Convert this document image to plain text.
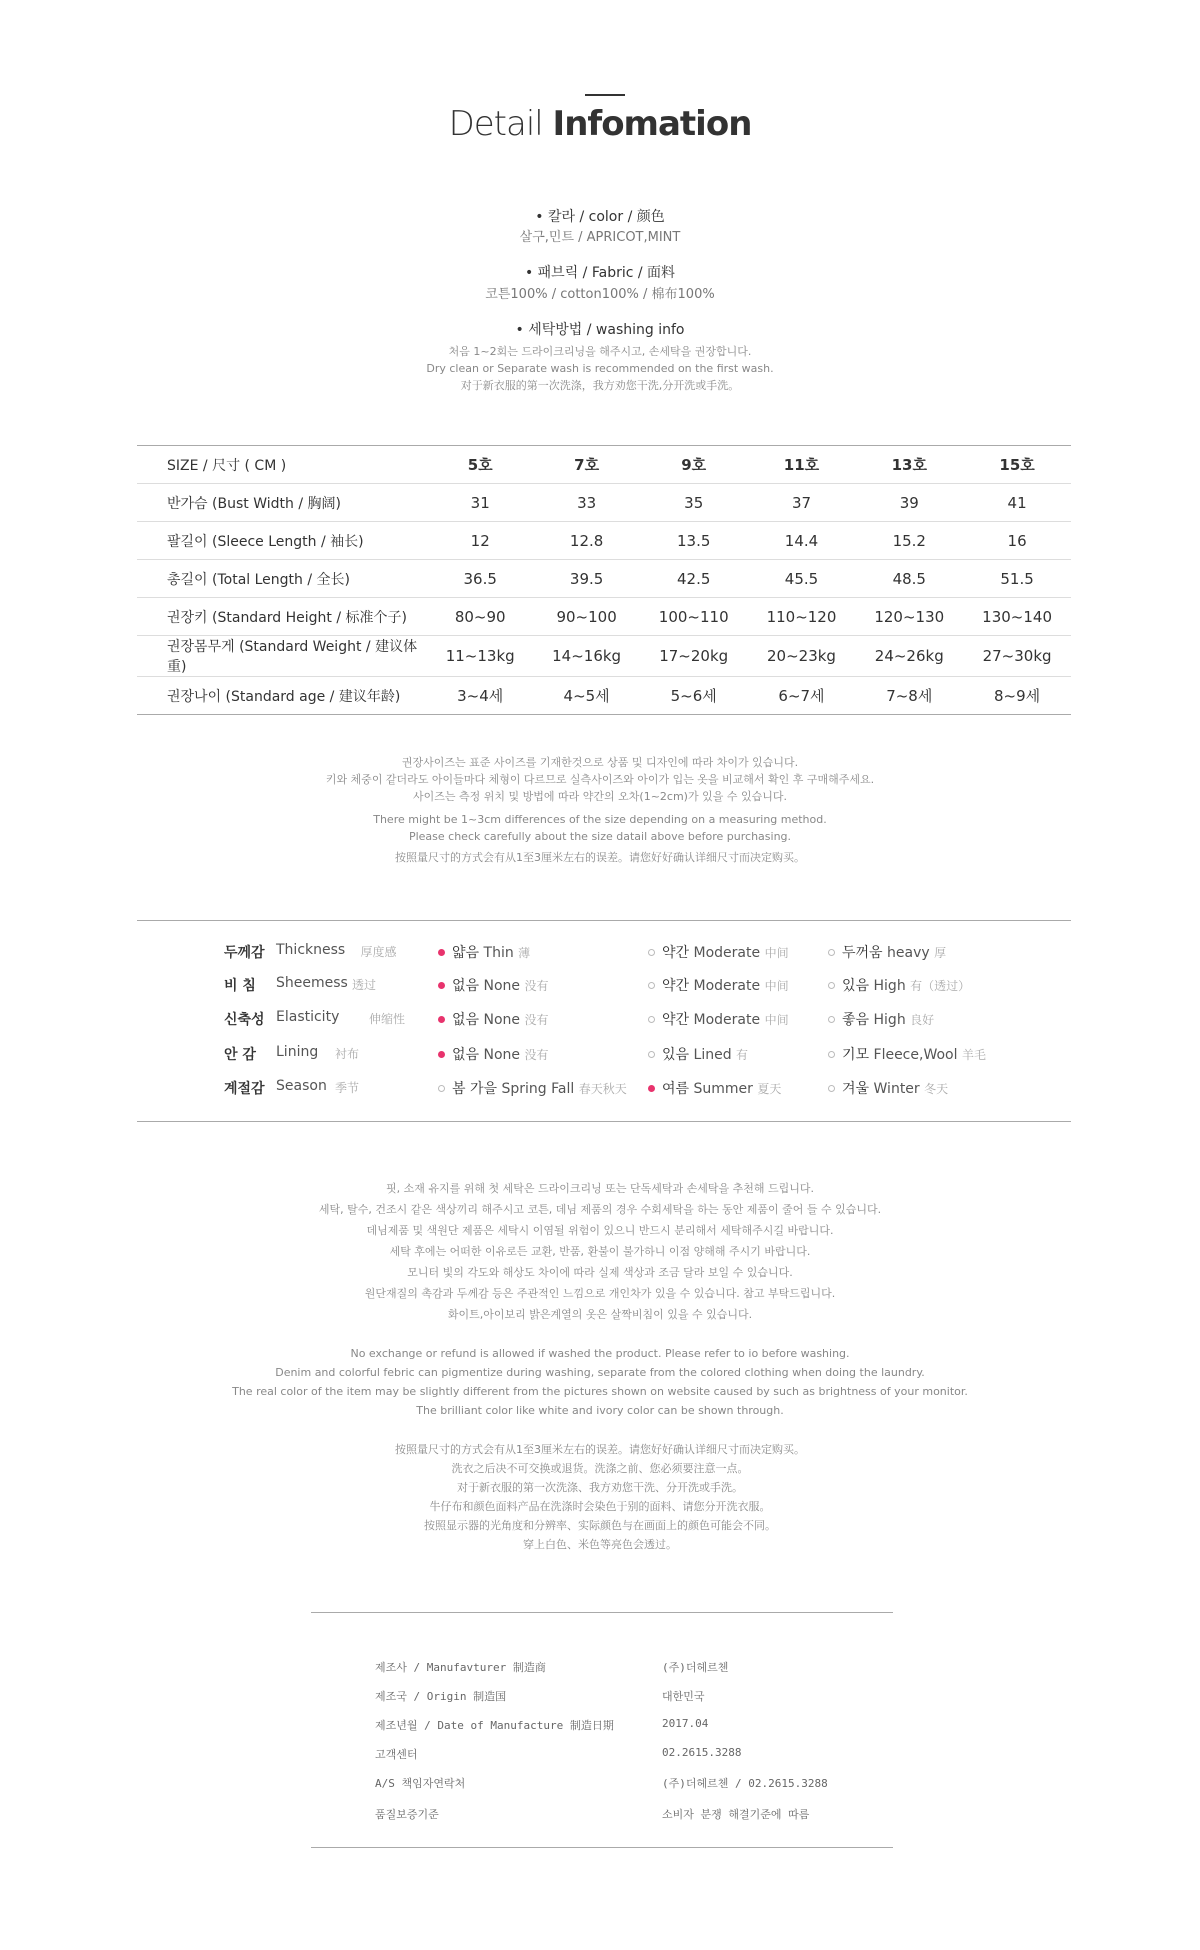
Detail Infomation
• 칼라 / color / 颜色
살구,민트 / APRICOT,MINT
• 패브릭 / Fabric / 面料
코튼100% / cotton100% / 棉布100%
• 세탁방법 / washing info
처음 1~2회는 드라이크리닝을 해주시고, 손세탁을 권장합니다.
Dry clean or Separate wash is recommended on the first wash.
对于新衣服的第一次洗涤，我方劝您干洗,分开洗或手洗。
SIZE / 尺寸 ( CM )	5호	7호	9호	11호	13호	15호
반가슴 (Bust Width / 胸阔)	31	33	35	37	39	41
팔길이 (Sleece Length / 袖长)	12	12.8	13.5	14.4	15.2	16
총길이 (Total Length / 全长)	36.5	39.5	42.5	45.5	48.5	51.5
권장키 (Standard Height / 标准个子)	80~90	90~100	100~110	110~120	120~130	130~140
권장몸무게 (Standard Weight / 建议体重)	11~13kg	14~16kg	17~20kg	20~23kg	24~26kg	27~30kg
권장나이 (Standard age / 建议年龄)	3~4세	4~5세	5~6세	6~7세	7~8세	8~9세
권장사이즈는 표준 사이즈를 기재한것으로 상품 및 디자인에 따라 차이가 있습니다.
키와 체중이 같더라도 아이들마다 체형이 다르므로 실측사이즈와 아이가 입는 옷을 비교해서 확인 후 구매해주세요.
사이즈는 측정 위치 및 방법에 따라 약간의 오차(1~2cm)가 있을 수 있습니다.
There might be 1~3cm differences of the size depending on a measuring method.
Please check carefully about the size datail above before purchasing.
按照量尺寸的方式会有从1至3厘米左右的误差。请您好好确认详细尺寸而决定购买。
두께감 Thickness 厚度感	얇음 Thin 薄	약간 Moderate 中间	두꺼움 heavy 厚
비 침 Sheemess 透过	없음 None 没有	약간 Moderate 中间	있음 High 有（透过）
신축성 Elasticity 伸缩性	없음 None 没有	약간 Moderate 中间	좋음 High 良好
안 감 Lining 衬布	없음 None 没有	있음 Lined 有	기모 Fleece,Wool 羊毛
계절감 Season 季节	봄 가을 Spring Fall 春天秋天	여름 Summer 夏天	겨울 Winter 冬天
핏, 소재 유지를 위해 첫 세탁은 드라이크리닝 또는 단독세탁과 손세탁을 추천해 드립니다.
세탁, 탈수, 건조시 같은 색상끼리 해주시고 코튼, 데님 제품의 경우 수회세탁을 하는 동안 제품이 줄어 들 수 있습니다.
데님제품 및 색원단 제품은 세탁시 이염될 위험이 있으니 반드시 분리해서 세탁해주시길 바랍니다.
세탁 후에는 어떠한 이유로든 교환, 반품, 환불이 불가하니 이점 양해해 주시기 바랍니다.
모니터 빛의 각도와 해상도 차이에 따라 실제 색상과 조금 달라 보일 수 있습니다.
원단재질의 촉감과 두께감 등은 주관적인 느낌으로 개인차가 있을 수 있습니다. 참고 부탁드립니다.
화이트,아이보리 밝은계열의 옷은 살짝비침이 있을 수 있습니다.
No exchange or refund is allowed if washed the product. Please refer to io before washing.
Denim and colorful febric can pigmentize during washing, separate from the colored clothing when doing the laundry.
The real color of the item may be slightly different from the pictures shown on website caused by such as brightness of your monitor.
The brilliant color like white and ivory color can be shown through.
按照量尺寸的方式会有从1至3厘米左右的误差。请您好好确认详细尺寸而决定购买。
洗衣之后决不可交换或退货。洗涤之前、您必须要注意一点。
对于新衣服的第一次洗涤、我方劝您干洗、分开洗或手洗。
牛仔布和颜色面料产品在洗涤时会染色于别的面料、请您分开洗衣服。
按照显示器的光角度和分辨率、实际颜色与在画面上的颜色可能会不同。
穿上白色、米色等亮色会透过。
제조사 / Manufavturer 制造商	(주)더헤르첸
제조국 / Origin 制造国	대한민국
제조년월 / Date of Manufacture 制造日期	2017.04
고객센터	02.2615.3288
A/S 책임자연락처	(주)더헤르첸 / 02.2615.3288
품질보증기준	소비자 분쟁 해결기준에 따름
